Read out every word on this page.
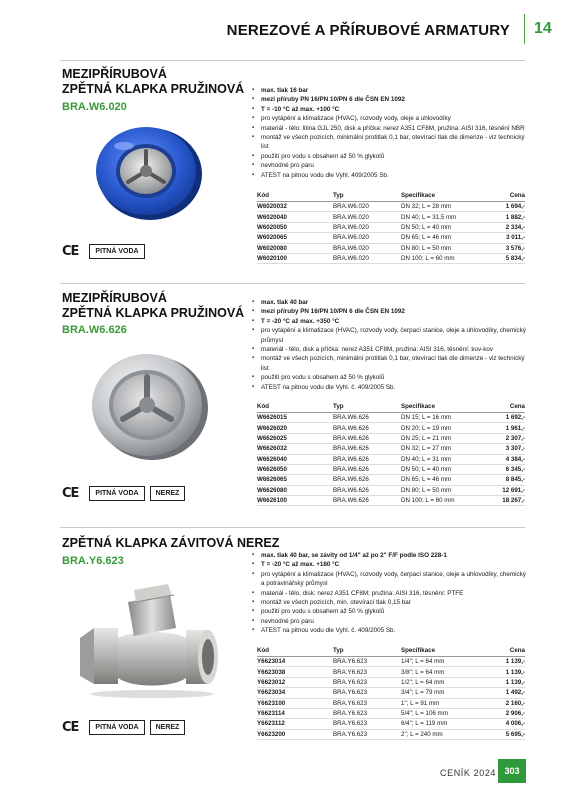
NEREZOVÉ A PŘÍRUBOVÉ ARMATURY 14
MEZIPŘÍRUBOVÁ
ZPĚTNÁ KLAPKA PRUŽINOVÁ
BRA.W6.020
▪ max. tlak 16 bar
▪ mezi příruby PN 16/PN 10/PN 6 dle ČSN EN 1092
▪ T = -10 °C až max. +100 °C
▪ pro vytápění a klimatizace (HVAC), rozvody vody, oleje a uhlovodíky
▪ materiál - tělo: litina GJL 250, disk a příčka: nerez A351 CF8M, pružina: AISI 316, těsnění NBR
▪ montáž ve všech pozicích, minimální protitlak 0,1 bar, otevírací tlak dle dimenze - viz technický list
▪ použití pro vodu s obsahem až 50 % glykolů
▪ nevhodné pro páru
▪ ATEST na pitnou vodu dle Vyhl. 409/2005 Sb.
Kód	Typ	Specifikace	Cena
W6020032	BRA.W6.020	DN 32; L = 28 mm	1 694,-
W6020040	BRA.W6.020	DN 40; L = 31,5 mm	1 882,-
W6020050	BRA.W6.020	DN 50; L = 40 mm	2 334,-
W6020065	BRA.W6.020	DN 65; L = 46 mm	3 011,-
W6020080	BRA.W6.020	DN 80; L = 50 mm	3 576,-
W6020100	BRA.W6.020	DN 100; L = 60 mm	5 834,-
CE	PITNÁ VODA
MEZIPŘÍRUBOVÁ
ZPĚTNÁ KLAPKA PRUŽINOVÁ
BRA.W6.626
▪ max. tlak 40 bar
▪ mezi příruby PN 16/PN 10/PN 6 dle ČSN EN 1092
▪ T = -20 °C až max. +350 °C
▪ pro vytápění a klimatizace (HVAC), rozvody vody, čerpací stanice, oleje a uhlovodíky, chemický průmysl
▪ materiál - tělo, disk a příčka: nerez A351 CF8M, pružina: AISI 316, těsnění: kov-kov
▪ montáž ve všech pozicích, minimální protitlak 0,1 bar, otevírací tlak dle dimenze - viz technický list
▪ použití pro vodu s obsahem až 50 % glykolů
▪ ATEST na pitnou vodu dle Vyhl. č. 409/2005 Sb.
Kód	Typ	Specifikace	Cena
W6626015	BRA.W6.626	DN 15; L = 16 mm	1 692,-
W6626020	BRA.W6.626	DN 20; L = 19 mm	1 961,-
W6626025	BRA.W6.626	DN 25; L = 21 mm	2 307,-
W6626032	BRA.W6.626	DN 32; L = 27 mm	3 307,-
W6626040	BRA.W6.626	DN 40; L = 31 mm	4 384,-
W6626050	BRA.W6.626	DN 50; L = 40 mm	6 345,-
W6626065	BRA.W6.626	DN 65; L = 46 mm	8 845,-
W6626080	BRA.W6.626	DN 80; L = 50 mm	12 691,-
W6626100	BRA.W6.626	DN 100; L = 60 mm	18 267,-
CE	PITNÁ VODA	NEREZ
ZPĚTNÁ KLAPKA ZÁVITOVÁ NEREZ
BRA.Y6.623	▪ max. tlak 40 bar, se závity od 1/4" až po 2" F/F podle ISO 228-1
▪ T = -20 °C až max. +180 °C
▪ pro vytápění a klimatizace (HVAC), rozvody vody, čerpací stanice, oleje a uhlovodíky, chemický a potravinářský průmysl
▪ materiál - tělo, disk: nerez A351 CF8M; pružina: AISI 316, těsnění: PTFE
▪ montáž ve všech pozicích, min. otevírací tlak 0,15 bar
▪ použití pro vodu s obsahem až 50 % glykolů
▪ nevhodné pro páru
▪ ATEST na pitnou vodu dle Vyhl. č. 409/2005 Sb.
Kód	Typ	Specifikace	Cena
Y6623014	BRA.Y6.623	1/4"; L = 64 mm	1 139,-
Y6623038	BRA.Y6.623	3/8"; L = 64 mm	1 139,-
Y6623012	BRA.Y6.623	1/2"; L = 64 mm	1 139,-
Y6623034	BRA.Y6.623	3/4"; L = 79 mm	1 492,-
Y6623100	BRA.Y6.623	1"; L = 91 mm	2 160,-
Y6623114	BRA.Y6.623	5/4"; L = 106 mm	2 906,-
Y6623112	BRA.Y6.623	6/4"; L = 119 mm	4 006,-
Y6623200	BRA.Y6.623	2"; L = 240 mm	5 695,-
CE	PITNÁ VODA	NEREZ
CENÍK 2024 303
